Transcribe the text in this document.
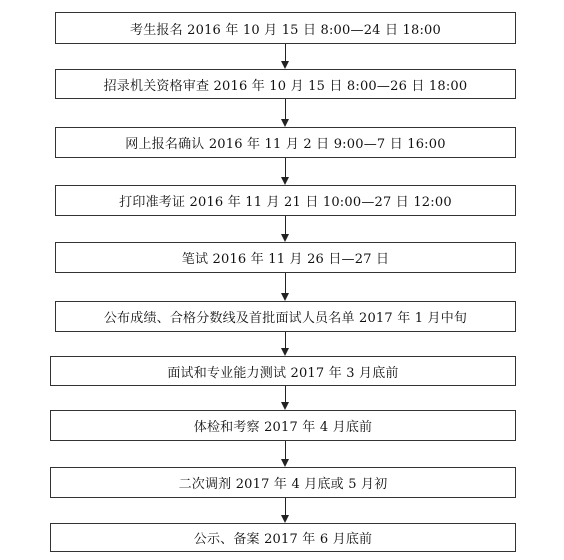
考生报名 2016 年 10 月 15 日 8:00—24 日 18:00
招录机关资格审查 2016 年 10 月 15 日 8:00—26 日 18:00
网上报名确认 2016 年 11 月 2 日 9:00—7 日 16:00
打印准考证 2016 年 11 月 21 日 10:00—27 日 12:00
笔试 2016 年 11 月 26 日—27 日
公布成绩、合格分数线及首批面试人员名单 2017 年 1 月中旬
面试和专业能力测试 2017 年 3 月底前
体检和考察 2017 年 4 月底前
二次调剂 2017 年 4 月底或 5 月初
公示、备案 2017 年 6 月底前
